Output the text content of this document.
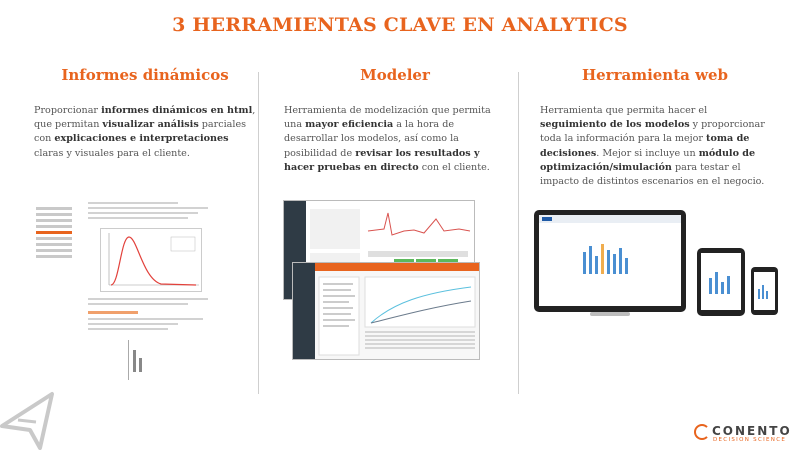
3 HERRAMIENTAS CLAVE EN ANALYTICS
Informes dinámicos

Proporcionar informes dinámicos en html, que permitan visualizar análisis parciales con explicaciones e interpretaciones claras y visuales para el cliente.

Modeler

Herramienta de modelización que permita una mayor eficiencia a la hora de desarrollar los modelos, así como la posibilidad de revisar los resultados y hacer pruebas en directo con el cliente.

Herramienta web

Herramienta que permita hacer el seguimiento de los modelos y proporcionar toda la información para la mejor toma de decisiones. Mejor si incluye un módulo de optimización/simulación para testar el impacto de distintos escenarios en el negocio.

CONENTO
DECISION SCIENCE
